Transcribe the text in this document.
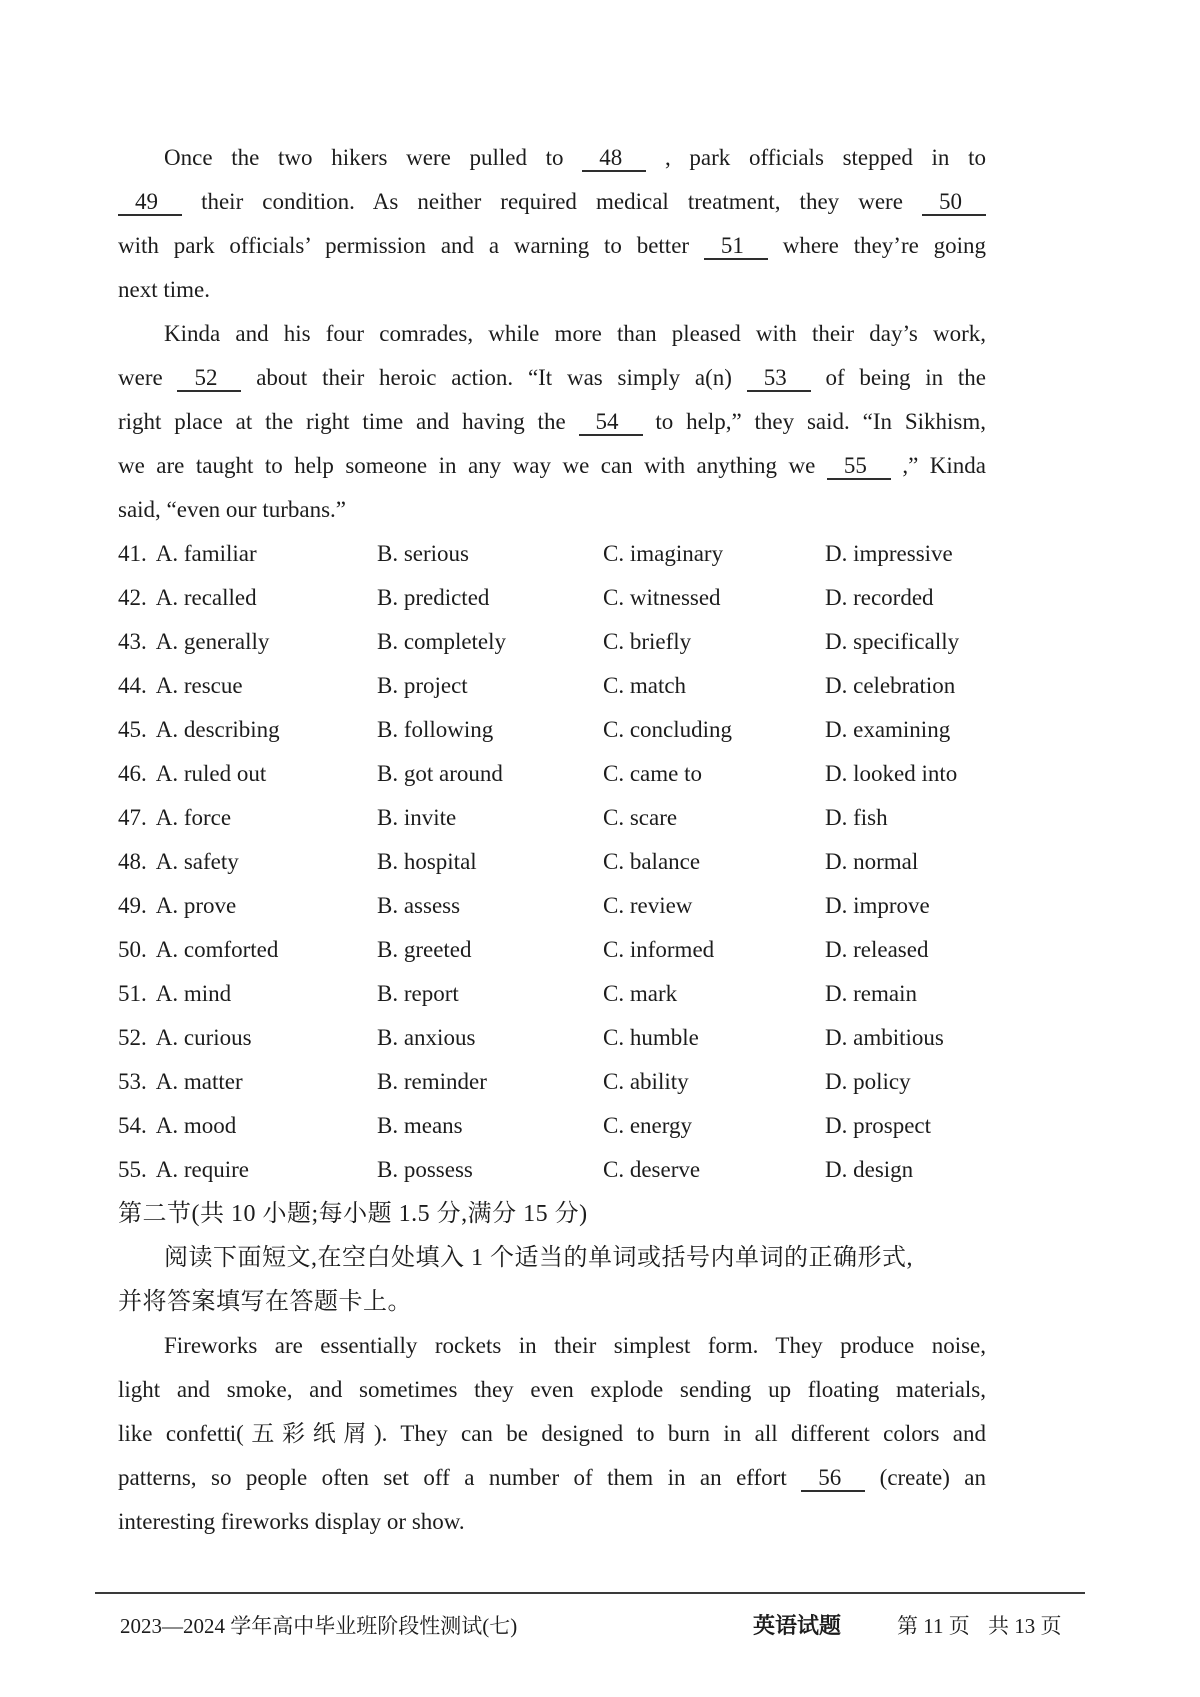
Once the two hikers were pulled to 48 , park officials stepped in to
49 their condition. As neither required medical treatment, they were 50
with park officials’ permission and a warning to better 51 where they’re going
next time.
Kinda and his four comrades, while more than pleased with their day’s work,
were 52 about their heroic action. “It was simply a(n) 53 of being in the
right place at the right time and having the 54 to help,” they said. “In Sikhism,
we are taught to help someone in any way we can with anything we 55 ,” Kinda
said, “even our turbans.”
41. A. familiar	B. serious	C. imaginary	D. impressive
42. A. recalled	B. predicted	C. witnessed	D. recorded
43. A. generally	B. completely	C. briefly	D. specifically
44. A. rescue	B. project	C. match	D. celebration
45. A. describing	B. following	C. concluding	D. examining
46. A. ruled out	B. got around	C. came to	D. looked into
47. A. force	B. invite	C. scare	D. fish
48. A. safety	B. hospital	C. balance	D. normal
49. A. prove	B. assess	C. review	D. improve
50. A. comforted	B. greeted	C. informed	D. released
51. A. mind	B. report	C. mark	D. remain
52. A. curious	B. anxious	C. humble	D. ambitious
53. A. matter	B. reminder	C. ability	D. policy
54. A. mood	B. means	C. energy	D. prospect
55. A. require	B. possess	C. deserve	D. design
第二节(共 10 小题;每小题 1.5 分,满分 15 分)
阅读下面短文,在空白处填入 1 个适当的单词或括号内单词的正确形式,
并将答案填写在答题卡上。
Fireworks are essentially rockets in their simplest form. They produce noise,
light and smoke, and sometimes they even explode sending up floating materials,
like confetti(五彩纸屑). They can be designed to burn in all different colors and
patterns, so people often set off a number of them in an effort 56 (create) an
interesting fireworks display or show.
2023—2024 学年高中毕业班阶段性测试(七)	英语试题	第 11 页 共 13 页
